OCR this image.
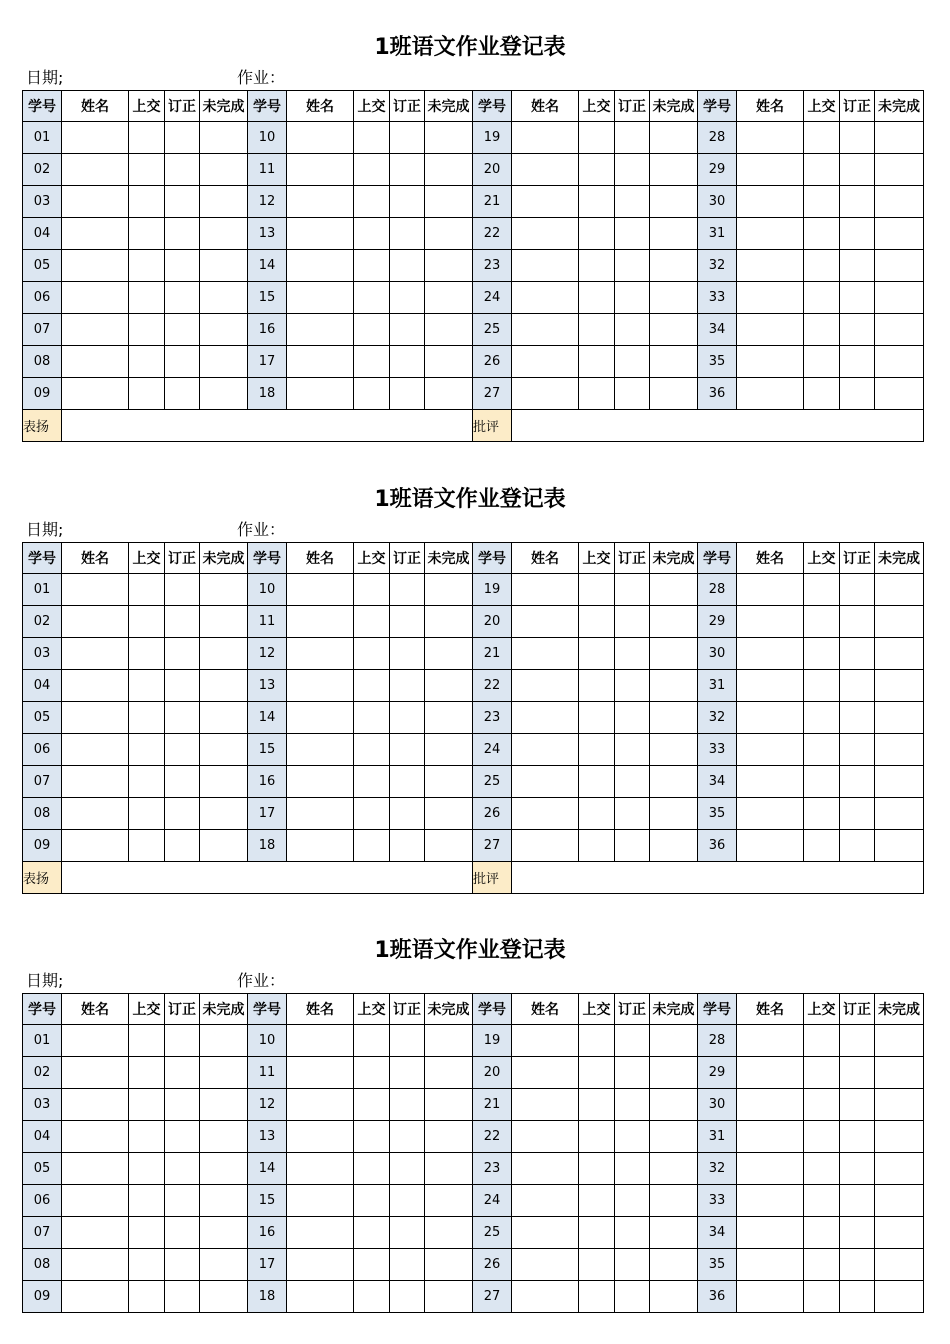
1班语文作业登记表
日期;	作业：
学号	姓名	上交	订正	未完成	学号	姓名	上交	订正	未完成	学号	姓名	上交	订正	未完成	学号	姓名	上交	订正	未完成
01					10					19					28				
02					11					20					29				
03					12					21					30				
04					13					22					31				
05					14					23					32				
06					15					24					33				
07					16					25					34				
08					17					26					35				
09					18					27					36				
表扬										批评									
1班语文作业登记表
日期;	作业：
学号	姓名	上交	订正	未完成	学号	姓名	上交	订正	未完成	学号	姓名	上交	订正	未完成	学号	姓名	上交	订正	未完成
01					10					19					28				
02					11					20					29				
03					12					21					30				
04					13					22					31				
05					14					23					32				
06					15					24					33				
07					16					25					34				
08					17					26					35				
09					18					27					36				
表扬										批评									
1班语文作业登记表
日期;	作业：
学号	姓名	上交	订正	未完成	学号	姓名	上交	订正	未完成	学号	姓名	上交	订正	未完成	学号	姓名	上交	订正	未完成
01					10					19					28				
02					11					20					29				
03					12					21					30				
04					13					22					31				
05					14					23					32				
06					15					24					33				
07					16					25					34				
08					17					26					35				
09					18					27					36				
